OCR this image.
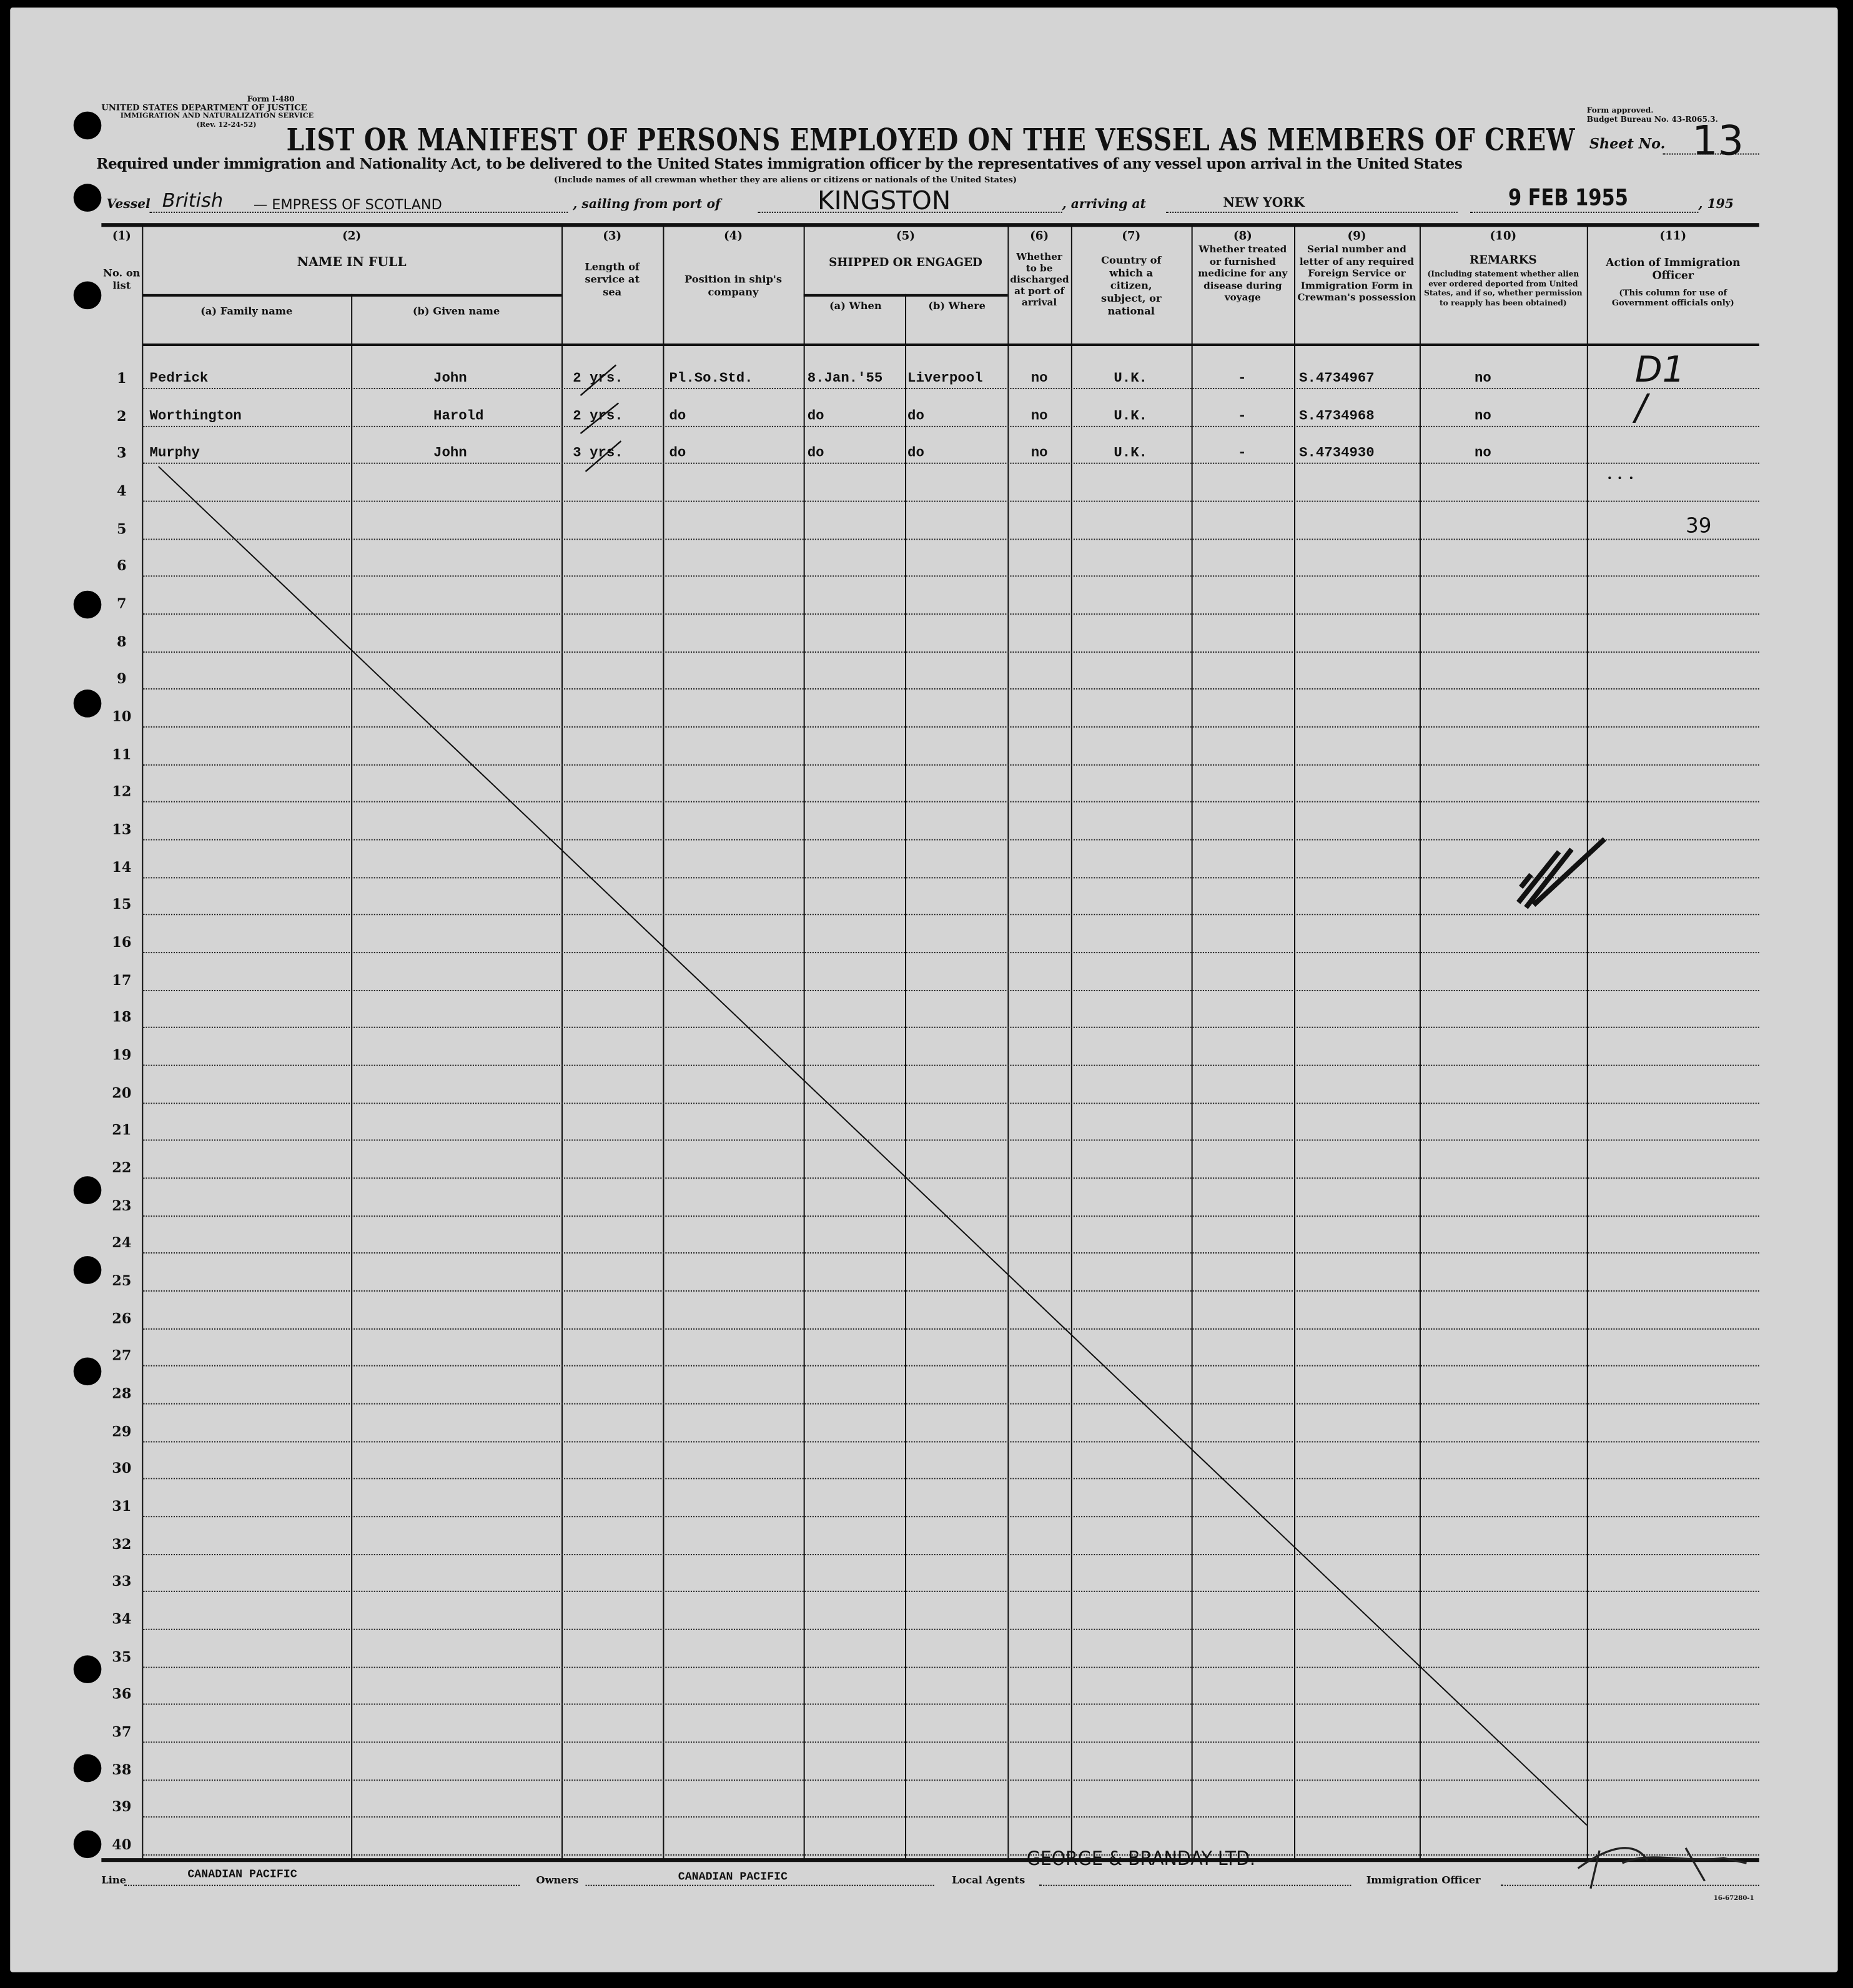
Form I-480
UNITED STATES DEPARTMENT OF JUSTICE
IMMIGRATION AND NATURALIZATION SERVICE
(Rev. 12-24-52)
Form approved.
Budget Bureau No. 43-R065.3.
LIST OR MANIFEST OF PERSONS EMPLOYED ON THE VESSEL AS MEMBERS OF CREW Sheet No. 13
Required under immigration and Nationality Act, to be delivered to the United States immigration officer by the representatives of any vessel upon arrival in the United States
(Include names of all crewman whether they are aliens or citizens or nationals of the United States)
Vessel British	— EMPRESS OF SCOTLAND	, sailing from port of	KINGSTON	, arriving at	NEW YORK	9 FEB 1955	, 195
(1)
No. on list
(2)
NAME IN FULL
(a) Family name	(b) Given name
(3)
Length of service at sea
(4)
Position in ship's company
(5)
SHIPPED OR ENGAGED
(a) When	(b) Where
(6)
Whether to be discharged at port of arrival
(7)
Country of which a citizen, subject, or national
(8)
Whether treated or furnished medicine for any disease during voyage
(9)
Serial number and letter of any required Foreign Service or Immigration Form in Crewman's possession
(10)
REMARKS
(Including statement whether alien ever ordered deported from United States, and if so, whether permission to reapply has been obtained)
(11)
Action of Immigration Officer
(This column for use of Government officials only)
1	Pedrick	John	2 yrs.	Pl.So.Std.	8.Jan.'55	Liverpool	no	U.K.	-	S.4734967	no	D1
2	Worthington	Harold	2 yrs.	do	do	do	no	U.K.	-	S.4734968	no	/
3	Murphy	John	3 yrs.	do	do	do	no	U.K.	-	S.4734930	no
4
5	39
6
7
8
9
10
11
12
13
14
15
16
17
18
19
20
21
22
23
24
25
26
27
28
29
30
31
32
33
34
35
36
37
38
39
40
Line	CANADIAN PACIFIC	Owners	CANADIAN PACIFIC	Local Agents
GEORGE & BRANDAY LTD.
Immigration Officer
16-67280-1
